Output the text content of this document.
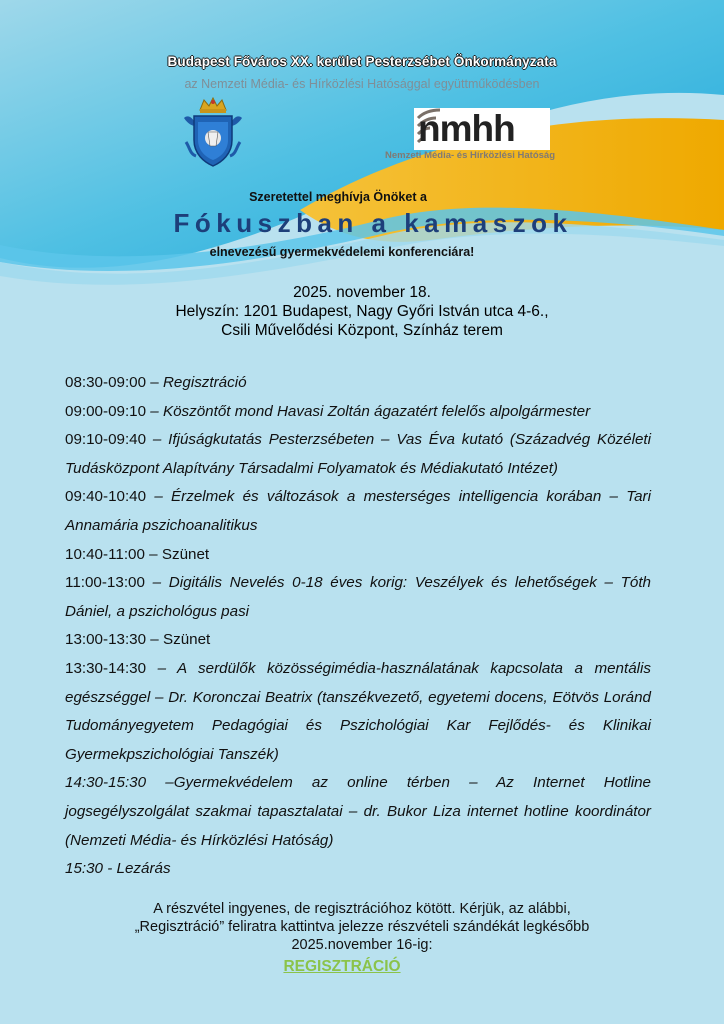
Budapest Főváros XX. kerület Pesterzsébet Önkormányzata
az Nemzeti Média- és Hírközlési Hatósággal együttműködésben
nmhh
Nemzeti Média- és Hírközlési Hatóság
Szeretettel meghívja Önöket a
Fókuszban a kamaszok
elnevezésű gyermekvédelemi konferenciára!
2025. november 18.
Helyszín: 1201 Budapest, Nagy Győri István utca 4-6.,
Csili Művelődési Központ, Színház terem

08:30-09:00 – Regisztráció

09:00-09:10 – Köszöntőt mond Havasi Zoltán ágazatért felelős alpolgármester

09:10-09:40 – Ifjúságkutatás Pesterzsébeten – Vas Éva kutató (Századvég Közéleti Tudásközpont Alapítvány Társadalmi Folyamatok és Médiakutató Intézet)

09:40-10:40 – Érzelmek és változások a mesterséges intelligencia korában – Tari Annamária pszichoanalitikus

10:40-11:00 – Szünet

11:00-13:00 – Digitális Nevelés 0-18 éves korig: Veszélyek és lehetőségek – Tóth Dániel, a pszichológus pasi

13:00-13:30 – Szünet

13:30-14:30 – A serdülők közösségimédia-használatának kapcsolata a mentális egészséggel – Dr. Koronczai Beatrix (tanszékvezető, egyetemi docens, Eötvös Loránd Tudományegyetem Pedagógiai és Pszichológiai Kar Fejlődés- és Klinikai Gyermekpszichológiai Tanszék)

14:30-15:30 –Gyermekvédelem az online térben – Az Internet Hotline jogsegélyszolgálat szakmai tapasztalatai – dr. Bukor Liza internet hotline koordinátor (Nemzeti Média- és Hírközlési Hatóság)

15:30 - Lezárás

A részvétel ingyenes, de regisztrációhoz kötött. Kérjük, az alábbi,
„Regisztráció” feliratra kattintva jelezze részvételi szándékát legkésőbb
2025.november 16-ig:
REGISZTRÁCIÓ
